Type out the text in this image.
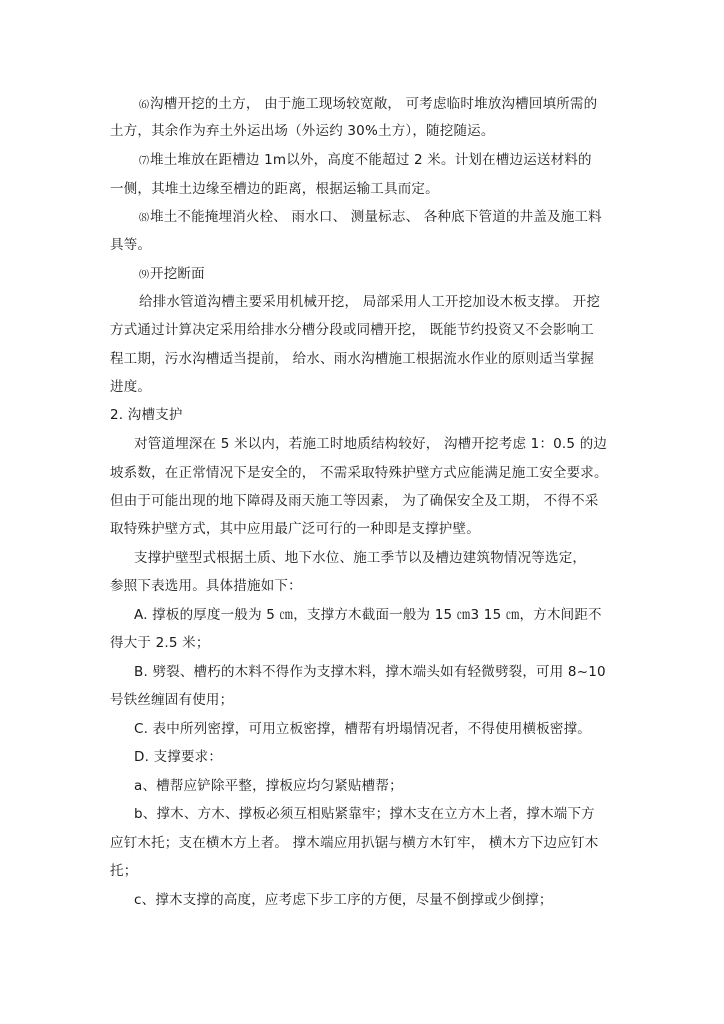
⑹沟槽开挖的土方， 由于施工现场较宽敞， 可考虑临时堆放沟槽回填所需的
土方，其余作为弃土外运出场（外运约 30%土方），随挖随运。
⑺堆土堆放在距槽边 1m以外，高度不能超过 2 米。计划在槽边运送材料的
一侧，其堆土边缘至槽边的距离，根据运输工具而定。
⑻堆土不能掩埋消火栓、 雨水口、 测量标志、 各种底下管道的井盖及施工料
具等。
⑼开挖断面
给排水管道沟槽主要采用机械开挖， 局部采用人工开挖加设木板支撑。 开挖
方式通过计算决定采用给排水分槽分段或同槽开挖， 既能节约投资又不会影响工
程工期，污水沟槽适当提前， 给水、雨水沟槽施工根据流水作业的原则适当掌握
进度。
2. 沟槽支护
对管道埋深在 5 米以内，若施工时地质结构较好， 沟槽开挖考虑 1：0.5 的边
坡系数，在正常情况下是安全的， 不需采取特殊护壁方式应能满足施工安全要求。
但由于可能出现的地下障碍及雨天施工等因素， 为了确保安全及工期， 不得不采
取特殊护壁方式，其中应用最广泛可行的一种即是支撑护壁。
支撑护壁型式根据土质、地下水位、施工季节以及槽边建筑物情况等选定，
参照下表选用。具体措施如下：
A. 撑板的厚度一般为 5 ㎝，支撑方木截面一般为 15 ㎝3 15 ㎝，方木间距不
得大于 2.5 米；
B. 劈裂、槽朽的木料不得作为支撑木料，撑木端头如有轻微劈裂，可用 8~10
号铁丝缠固有使用；
C. 表中所列密撑，可用立板密撑，槽帮有坍塌情况者，不得使用横板密撑。
D. 支撑要求：
a、槽帮应铲除平整，撑板应均匀紧贴槽帮；
b、撑木、方木、撑板必须互相贴紧靠牢；撑木支在立方木上者，撑木端下方
应钉木托；支在横木方上者。 撑木端应用扒锯与横方木钉牢， 横木方下边应钉木
托；
c、撑木支撑的高度，应考虑下步工序的方便，尽量不倒撑或少倒撑；
